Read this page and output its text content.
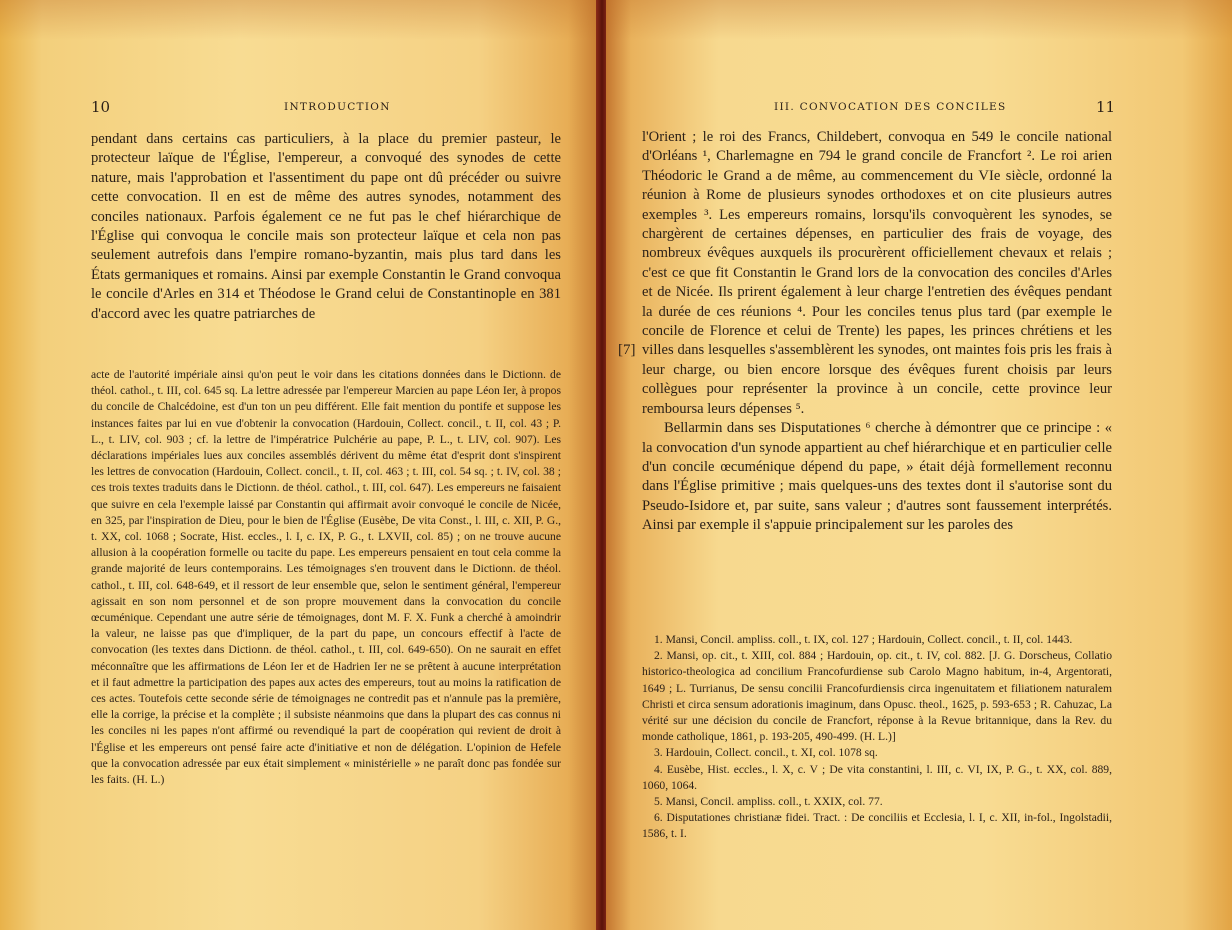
10	INTRODUCTION

pendant dans certains cas particuliers, à la place du premier pasteur, le protecteur laïque de l'Église, l'empereur, a convoqué des synodes de cette nature, mais l'approbation et l'assentiment du pape ont dû précéder ou suivre cette convocation. Il en est de même des autres synodes, notamment des conciles nationaux. Parfois également ce ne fut pas le chef hiérarchique de l'Église qui convoqua le concile mais son protecteur laïque et cela non pas seulement autrefois dans l'empire romano-byzantin, mais plus tard dans les États germaniques et romains. Ainsi par exemple Constantin le Grand convoqua le concile d'Arles en 314 et Théodose le Grand celui de Constantinople en 381 d'accord avec les quatre patriarches de

acte de l'autorité impériale ainsi qu'on peut le voir dans les citations données dans le Dictionn. de théol. cathol., t. III, col. 645 sq. La lettre adressée par l'empereur Marcien au pape Léon Ier, à propos du concile de Chalcédoine, est d'un ton un peu différent. Elle fait mention du pontife et suppose les instances faites par lui en vue d'obtenir la convocation (Hardouin, Collect. concil., t. II, col. 43 ; P. L., t. LIV, col. 903 ; cf. la lettre de l'impératrice Pulchérie au pape, P. L., t. LIV, col. 907). Les déclarations impériales lues aux conciles assemblés dérivent du même état d'esprit dont s'inspirent les lettres de convocation (Hardouin, Collect. concil., t. II, col. 463 ; t. III, col. 54 sq. ; t. IV, col. 38 ; ces trois textes traduits dans le Dictionn. de théol. cathol., t. III, col. 647). Les empereurs ne faisaient que suivre en cela l'exemple laissé par Constantin qui affirmait avoir convoqué le concile de Nicée, en 325, par l'inspiration de Dieu, pour le bien de l'Église (Eusèbe, De vita Const., l. III, c. XII, P. G., t. XX, col. 1068 ; Socrate, Hist. eccles., l. I, c. IX, P. G., t. LXVII, col. 85) ; on ne trouve aucune allusion à la coopération formelle ou tacite du pape. Les empereurs pensaient en tout cela comme la grande majorité de leurs contemporains. Les témoignages s'en trouvent dans le Dictionn. de théol. cathol., t. III, col. 648-649, et il ressort de leur ensemble que, selon le sentiment général, l'empereur agissait en son nom personnel et de son propre mouvement dans la convocation du concile œcuménique. Cependant une autre série de témoignages, dont M. F. X. Funk a cherché à amoindrir la valeur, ne laisse pas que d'impliquer, de la part du pape, un concours effectif à l'acte de convocation (les textes dans Dictionn. de théol. cathol., t. III, col. 649-650). On ne saurait en effet méconnaître que les affirmations de Léon Ier et de Hadrien Ier ne se prêtent à aucune interprétation et il faut admettre la participation des papes aux actes des empereurs, tout au moins la ratification de ces actes. Toutefois cette seconde série de témoignages ne contredit pas et n'annule pas la première, elle la corrige, la précise et la complète ; il subsiste néanmoins que dans la plupart des cas connus ni les conciles ni les papes n'ont affirmé ou revendiqué la part de coopération qui revient de droit à l'Église et les empereurs ont pensé faire acte d'initiative et non de délégation. L'opinion de Hefele que la convocation adressée par eux était simplement « ministérielle » ne paraît donc pas fondée sur les faits. (H. L.)

III. CONVOCATION DES CONCILES	11
[7]

l'Orient ; le roi des Francs, Childebert, convoqua en 549 le concile national d'Orléans ¹, Charlemagne en 794 le grand concile de Francfort ². Le roi arien Théodoric le Grand a de même, au commencement du VIe siècle, ordonné la réunion à Rome de plusieurs synodes orthodoxes et on cite plusieurs autres exemples ³. Les empereurs romains, lorsqu'ils convoquèrent les synodes, se chargèrent de certaines dépenses, en particulier des frais de voyage, des nombreux évêques auxquels ils procurèrent officiellement chevaux et relais ; c'est ce que fit Constantin le Grand lors de la convocation des conciles d'Arles et de Nicée. Ils prirent également à leur charge l'entretien des évêques pendant la durée de ces réunions ⁴. Pour les conciles tenus plus tard (par exemple le concile de Florence et celui de Trente) les papes, les princes chrétiens et les villes dans lesquelles s'assemblèrent les synodes, ont maintes fois pris les frais à leur charge, ou bien encore lorsque des évêques furent choisis par leurs collègues pour représenter la province à un concile, cette province leur remboursa leurs dépenses ⁵.

Bellarmin dans ses Disputationes ⁶ cherche à démontrer que ce principe : « la convocation d'un synode appartient au chef hiérarchique et en particulier celle d'un concile œcuménique dépend du pape, » était déjà formellement reconnu dans l'Église primitive ; mais quelques-uns des textes dont il s'autorise sont du Pseudo-Isidore et, par suite, sans valeur ; d'autres sont faussement interprétés. Ainsi par exemple il s'appuie principalement sur les paroles des

1. Mansi, Concil. ampliss. coll., t. IX, col. 127 ; Hardouin, Collect. concil., t. II, col. 1443.

2. Mansi, op. cit., t. XIII, col. 884 ; Hardouin, op. cit., t. IV, col. 882. [J. G. Dorscheus, Collatio historico-theologica ad concilium Francofurdiense sub Carolo Magno habitum, in-4, Argentorati, 1649 ; L. Turrianus, De sensu concilii Francofurdiensis circa ingenuitatem et filiationem naturalem Christi et circa sensum adorationis imaginum, dans Opusc. theol., 1625, p. 593-653 ; R. Cahuzac, La vérité sur une décision du concile de Francfort, réponse à la Revue britannique, dans la Rev. du monde catholique, 1861, p. 193-205, 490-499. (H. L.)]

3. Hardouin, Collect. concil., t. XI, col. 1078 sq.

4. Eusèbe, Hist. eccles., l. X, c. V ; De vita constantini, l. III, c. VI, IX, P. G., t. XX, col. 889, 1060, 1064.

5. Mansi, Concil. ampliss. coll., t. XXIX, col. 77.

6. Disputationes christianæ fidei. Tract. : De conciliis et Ecclesia, l. I, c. XII, in-fol., Ingolstadii, 1586, t. I.
